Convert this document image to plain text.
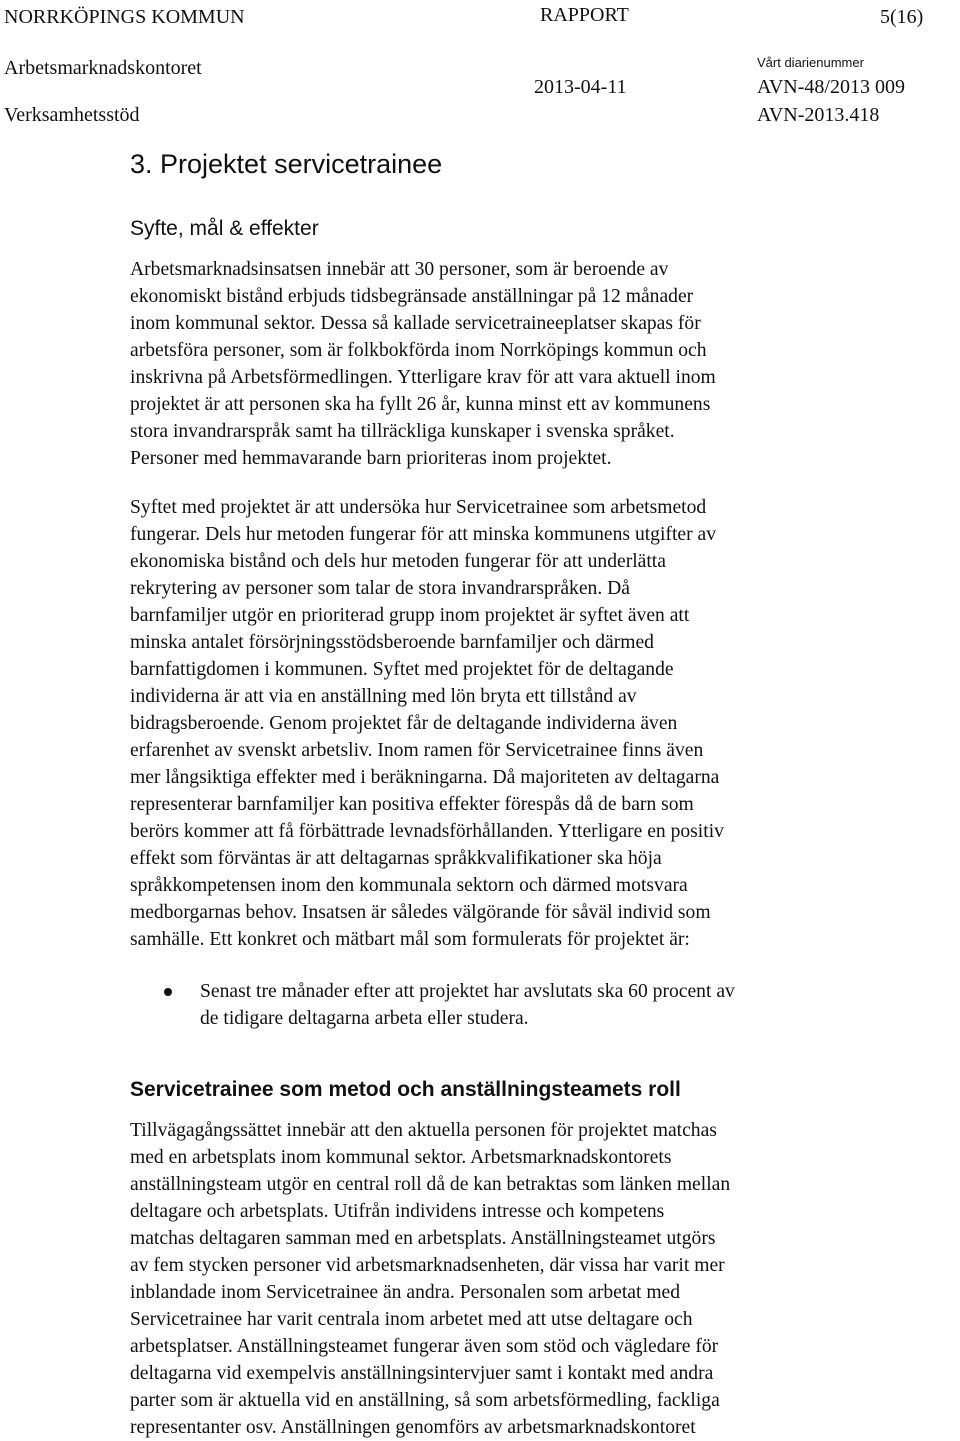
NORRKÖPINGS KOMMUN	RAPPORT	5(16)
Arbetsmarknadskontoret	Vårt diarienummer
2013-04-11	AVN-48/2013 009
Verksamhetsstöd	AVN-2013.418
3. Projektet servicetrainee
Syfte, mål & effekter

Arbetsmarknadsinsatsen innebär att 30 personer, som är beroende av
ekonomiskt bistånd erbjuds tidsbegränsade anställningar på 12 månader
inom kommunal sektor. Dessa så kallade servicetraineeplatser skapas för
arbetsföra personer, som är folkbokförda inom Norrköpings kommun och
inskrivna på Arbetsförmedlingen. Ytterligare krav för att vara aktuell inom
projektet är att personen ska ha fyllt 26 år, kunna minst ett av kommunens
stora invandrarspråk samt ha tillräckliga kunskaper i svenska språket.
Personer med hemmavarande barn prioriteras inom projektet.

Syftet med projektet är att undersöka hur Servicetrainee som arbetsmetod
fungerar. Dels hur metoden fungerar för att minska kommunens utgifter av
ekonomiska bistånd och dels hur metoden fungerar för att underlätta
rekrytering av personer som talar de stora invandrarspråken. Då
barnfamiljer utgör en prioriterad grupp inom projektet är syftet även att
minska antalet försörjningsstödsberoende barnfamiljer och därmed
barnfattigdomen i kommunen. Syftet med projektet för de deltagande
individerna är att via en anställning med lön bryta ett tillstånd av
bidragsberoende. Genom projektet får de deltagande individerna även
erfarenhet av svenskt arbetsliv. Inom ramen för Servicetrainee finns även
mer långsiktiga effekter med i beräkningarna. Då majoriteten av deltagarna
representerar barnfamiljer kan positiva effekter förespås då de barn som
berörs kommer att få förbättrade levnadsförhållanden. Ytterligare en positiv
effekt som förväntas är att deltagarnas språkkvalifikationer ska höja
språkkompetensen inom den kommunala sektorn och därmed motsvara
medborgarnas behov. Insatsen är således välgörande för såväl individ som
samhälle. Ett konkret och mätbart mål som formulerats för projektet är:

Senast tre månader efter att projektet har avslutats ska 60 procent av
de tidigare deltagarna arbeta eller studera.
Servicetrainee som metod och anställningsteamets roll

Tillvägagångssättet innebär att den aktuella personen för projektet matchas
med en arbetsplats inom kommunal sektor. Arbetsmarknadskontorets
anställningsteam utgör en central roll då de kan betraktas som länken mellan
deltagare och arbetsplats. Utifrån individens intresse och kompetens
matchas deltagaren samman med en arbetsplats. Anställningsteamet utgörs
av fem stycken personer vid arbetsmarknadsenheten, där vissa har varit mer
inblandade inom Servicetrainee än andra. Personalen som arbetat med
Servicetrainee har varit centrala inom arbetet med att utse deltagare och
arbetsplatser. Anställningsteamet fungerar även som stöd och vägledare för
deltagarna vid exempelvis anställningsintervjuer samt i kontakt med andra
parter som är aktuella vid en anställning, så som arbetsförmedling, fackliga
representanter osv. Anställningen genomförs av arbetsmarknadskontoret
